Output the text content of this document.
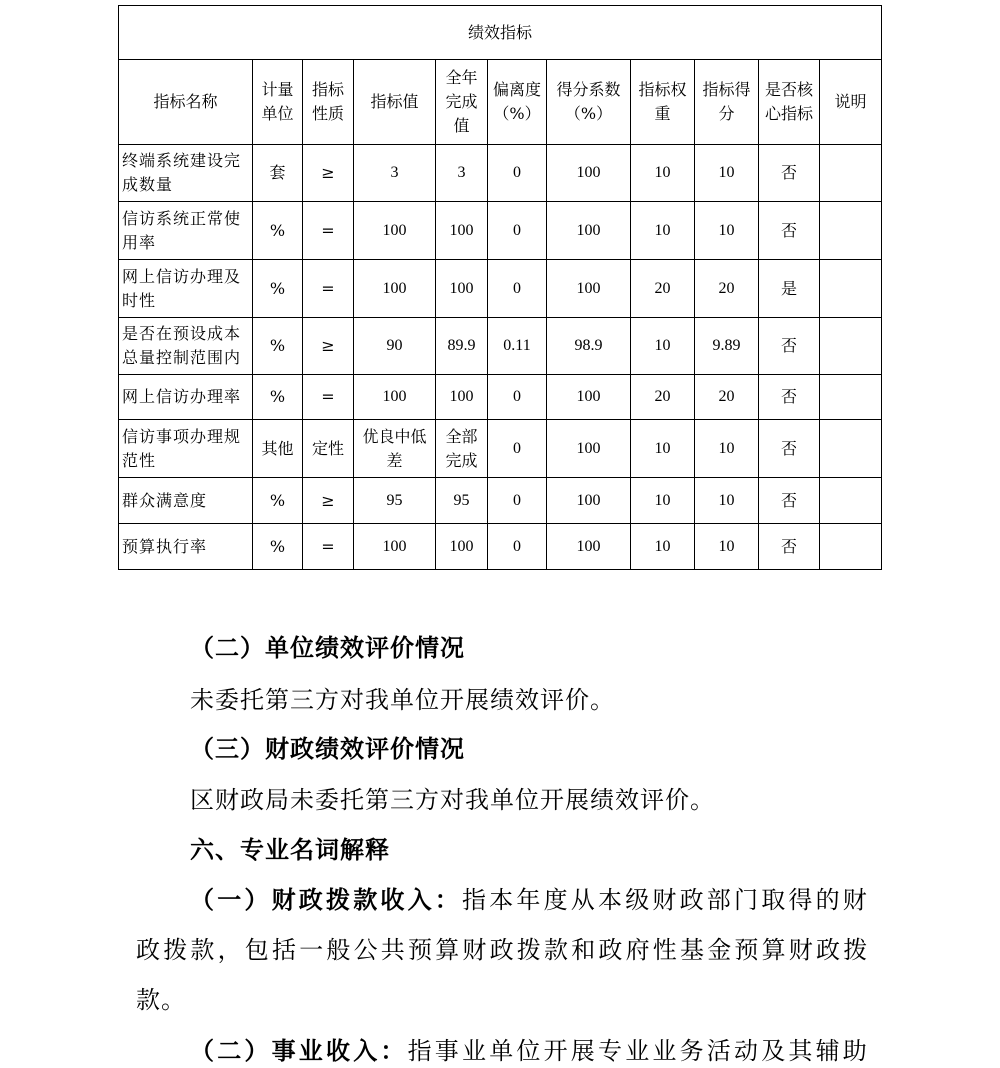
绩效指标										
指标名称	计量单位	指标性质	指标值	全年完成值	偏离度（%）	得分系数（%）	指标权重	指标得分	是否核心指标	说明
终端系统建设完成数量	套	≥	3	3	0	100	10	10	否	
信访系统正常使用率	%	=	100	100	0	100	10	10	否	
网上信访办理及时性	%	=	100	100	0	100	20	20	是	
是否在预设成本总量控制范围内	%	≥	90	89.9	0.11	98.9	10	9.89	否	
网上信访办理率	%	=	100	100	0	100	20	20	否	
信访事项办理规范性	其他	定性	优良中低差	全部完成	0	100	10	10	否	
群众满意度	%	≥	95	95	0	100	10	10	否	
预算执行率	%	=	100	100	0	100	10	10	否	
（二）单位绩效评价情况
未委托第三方对我单位开展绩效评价。
（三）财政绩效评价情况
区财政局未委托第三方对我单位开展绩效评价。
六、专业名词解释
（一）财政拨款收入：指本年度从本级财政部门取得的财
政拨款，包括一般公共预算财政拨款和政府性基金预算财政拨
款。
（二）事业收入：指事业单位开展专业业务活动及其辅助
